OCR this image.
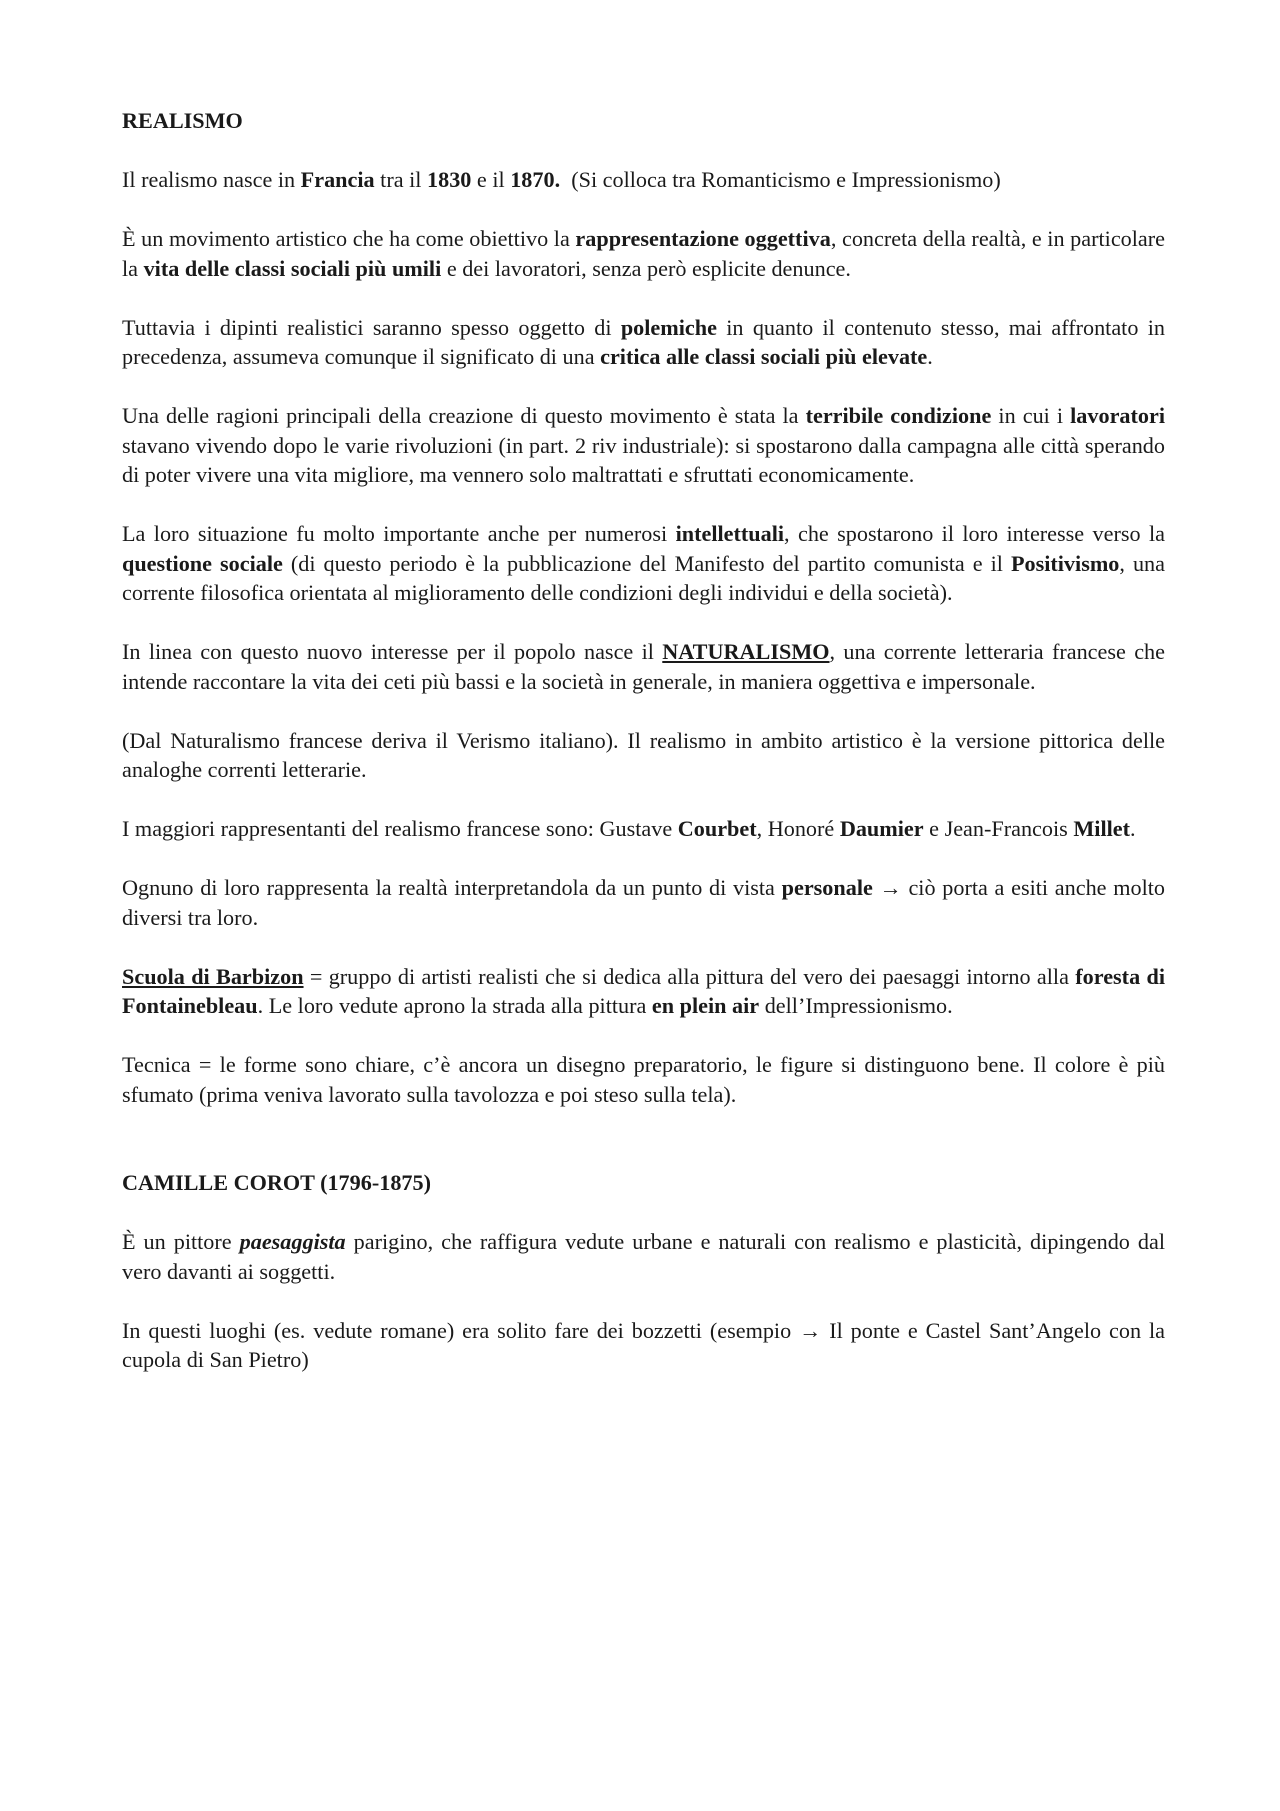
REALISMO

Il realismo nasce in Francia tra il 1830 e il 1870.  (Si colloca tra Romanticismo e Impressionismo)

È un movimento artistico che ha come obiettivo la rappresentazione oggettiva, concreta della realtà, e in particolare la vita delle classi sociali più umili e dei lavoratori, senza però esplicite denunce.

Tuttavia i dipinti realistici saranno spesso oggetto di polemiche in quanto il contenuto stesso, mai affrontato in precedenza, assumeva comunque il significato di una critica alle classi sociali più elevate.

Una delle ragioni principali della creazione di questo movimento è stata la terribile condizione in cui i lavoratori stavano vivendo dopo le varie rivoluzioni (in part. 2 riv industriale): si spostarono dalla campagna alle città sperando di poter vivere una vita migliore, ma vennero solo maltrattati e sfruttati economicamente.

La loro situazione fu molto importante anche per numerosi intellettuali, che spostarono il loro interesse verso la questione sociale (di questo periodo è la pubblicazione del Manifesto del partito comunista e il Positivismo, una corrente filosofica orientata al miglioramento delle condizioni degli individui e della società).

In linea con questo nuovo interesse per il popolo nasce il NATURALISMO, una corrente letteraria francese che intende raccontare la vita dei ceti più bassi e la società in generale, in maniera oggettiva e impersonale.

(Dal Naturalismo francese deriva il Verismo italiano). Il realismo in ambito artistico è la versione pittorica delle analoghe correnti letterarie.

I maggiori rappresentanti del realismo francese sono: Gustave Courbet, Honoré Daumier e Jean-Francois Millet.

Ognuno di loro rappresenta la realtà interpretandola da un punto di vista personale → ciò porta a esiti anche molto diversi tra loro.

Scuola di Barbizon = gruppo di artisti realisti che si dedica alla pittura del vero dei paesaggi intorno alla foresta di Fontainebleau. Le loro vedute aprono la strada alla pittura en plein air dell’Impressionismo.

Tecnica = le forme sono chiare, c’è ancora un disegno preparatorio, le figure si distinguono bene. Il colore è più sfumato (prima veniva lavorato sulla tavolozza e poi steso sulla tela).

CAMILLE COROT (1796-1875)

È un pittore paesaggista parigino, che raffigura vedute urbane e naturali con realismo e plasticità, dipingendo dal vero davanti ai soggetti.

In questi luoghi (es. vedute romane) era solito fare dei bozzetti (esempio → Il ponte e Castel Sant’Angelo con la cupola di San Pietro)
